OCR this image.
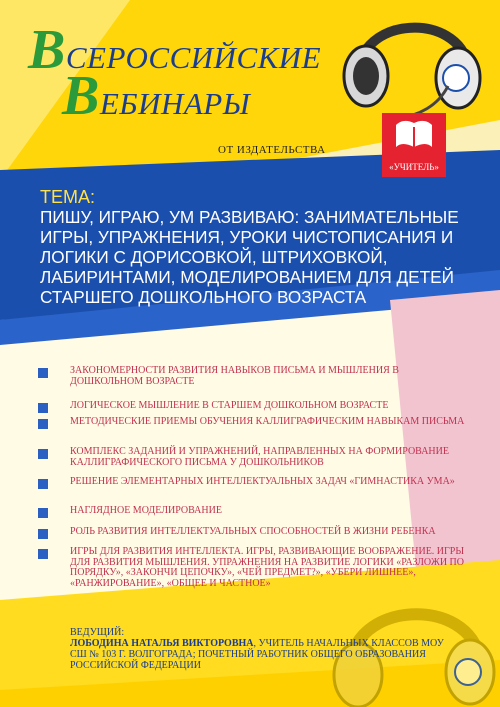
ВСЕРОССИЙСКИЕ
ВЕБИНАРЫ
ОТ ИЗДАТЕЛЬСТВА
«УЧИТЕЛЬ»
ТЕМА:
ПИШУ, ИГРАЮ, УМ РАЗВИВАЮ: ЗАНИМАТЕЛЬНЫЕ ИГРЫ, УПРАЖНЕНИЯ, УРОКИ ЧИСТОПИСАНИЯ И ЛОГИКИ С ДОРИСОВКОЙ, ШТРИХОВКОЙ, ЛАБИРИНТАМИ, МОДЕЛИРОВАНИЕМ ДЛЯ ДЕТЕЙ СТАРШЕГО ДОШКОЛЬНОГО ВОЗРАСТА
ЗАКОНОМЕРНОСТИ РАЗВИТИЯ НАВЫКОВ ПИСЬМА И МЫШЛЕНИЯ В ДОШКОЛЬНОМ ВОЗРАСТЕ
ЛОГИЧЕСКОЕ МЫШЛЕНИЕ В СТАРШЕМ ДОШКОЛЬНОМ ВОЗРАСТЕ
МЕТОДИЧЕСКИЕ ПРИЕМЫ ОБУЧЕНИЯ КАЛЛИГРАФИЧЕСКИМ НАВЫКАМ ПИСЬМА
КОМПЛЕКС ЗАДАНИЙ И УПРАЖНЕНИЙ, НАПРАВЛЕННЫХ НА ФОРМИРОВАНИЕ КАЛЛИГРАФИЧЕСКОГО ПИСЬМА У ДОШКОЛЬНИКОВ
РЕШЕНИЕ ЭЛЕМЕНТАРНЫХ ИНТЕЛЛЕКТУАЛЬНЫХ ЗАДАЧ «ГИМНАСТИКА УМА»
НАГЛЯДНОЕ МОДЕЛИРОВАНИЕ
РОЛЬ РАЗВИТИЯ ИНТЕЛЛЕКТУАЛЬНЫХ СПОСОБНОСТЕЙ В ЖИЗНИ РЕБЕНКА
ИГРЫ ДЛЯ РАЗВИТИЯ ИНТЕЛЛЕКТА. ИГРЫ, РАЗВИВАЮЩИЕ ВООБРАЖЕНИЕ. ИГРЫ ДЛЯ РАЗВИТИЯ МЫШЛЕНИЯ. УПРАЖНЕНИЯ НА РАЗВИТИЕ ЛОГИКИ «РАЗЛОЖИ ПО ПОРЯДКУ», «ЗАКОНЧИ ЦЕПОЧКУ», «ЧЕЙ ПРЕДМЕТ?», «УБЕРИ ЛИШНЕЕ», «РАНЖИРОВАНИЕ», «ОБЩЕЕ И ЧАСТНОЕ»
ВЕДУЩИЙ:
ЛОБОДИНА НАТАЛЬЯ ВИКТОРОВНА, УЧИТЕЛЬ НАЧАЛЬНЫХ КЛАССОВ МОУ СШ № 103 Г. ВОЛГОГРАДА; ПОЧЕТНЫЙ РАБОТНИК ОБЩЕГО ОБРАЗОВАНИЯ РОССИЙСКОЙ ФЕДЕРАЦИИ
